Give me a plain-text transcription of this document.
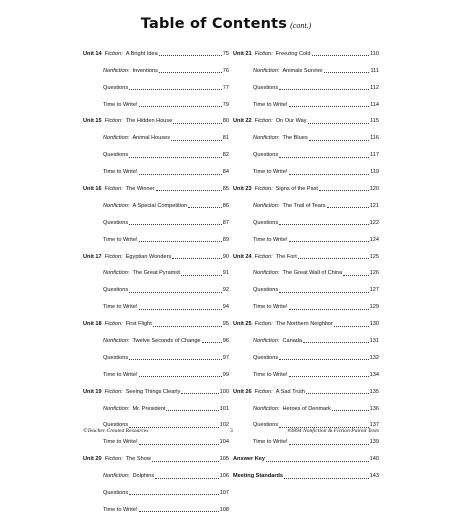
Table of Contents (cont.)
Unit 14 Fiction: A Bright Idea	75
Nonfiction: Inventions	76
Questions	77
Time to Write!	79
Unit 15 Fiction: The Hidden House	80
Nonfiction: Animal Houses	81
Questions	82
Time to Write!	84
Unit 16 Fiction: The Winner	85
Nonfiction: A Special Competition	86
Questions	87
Time to Write!	89
Unit 17 Fiction: Egyptian Wonders	90
Nonfiction: The Great Pyramid	91
Questions	92
Time to Write!	94
Unit 18 Fiction: First Flight	95
Nonfiction: Twelve Seconds of Change	96
Questions	97
Time to Write!	99
Unit 19 Fiction: Seeing Things Clearly	100
Nonfiction: Mr. President	101
Questions	102
Time to Write!	104
Unit 20 Fiction: The Show	105
Nonfiction: Dolphins	106
Questions	107
Time to Write!	108
Unit 21 Fiction: Freezing Cold	110
Nonfiction: Animals Survive	111
Questions	112
Time to Write!	114
Unit 22 Fiction: On Our Way	115
Nonfiction: The Blues	116
Questions	117
Time to Write!	119
Unit 23 Fiction: Signs of the Past	120
Nonfiction: The Trail of Tears	121
Questions	122
Time to Write!	124
Unit 24 Fiction: The Fort	125
Nonfiction: The Great Wall of China	126
Questions	127
Time to Write!	129
Unit 25 Fiction: The Northern Neighbor	130
Nonfiction: Canada	131
Questions	132
Time to Write!	134
Unit 26 Fiction: A Sad Truth	135
Nonfiction: Heroes of Denmark	136
Questions	137
Time to Write!	139
Answer Key	140
Meeting Standards	143
©Teacher Created Resources	3	#3894 Nonfiction & Fiction Paired Texts
